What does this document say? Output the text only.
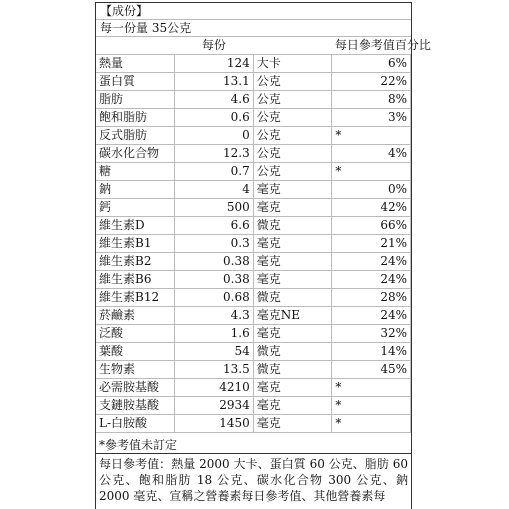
【成份】
每一份量 35公克
每份			每日參考值百分比
熱量	124	大卡	6%
蛋白質	13.1	公克	22%
脂肪	4.6	公克	8%
飽和脂肪	0.6	公克	3%
反式脂肪	0	公克	*
碳水化合物	12.3	公克	4%
糖	0.7	公克	*
鈉	4	毫克	0%
鈣	500	毫克	42%
維生素D	6.6	微克	66%
維生素B1	0.3	毫克	21%
維生素B2	0.38	毫克	24%
維生素B6	0.38	毫克	24%
維生素B12	0.68	微克	28%
菸鹼素	4.3	毫克NE	24%
泛酸	1.6	毫克	32%
葉酸	54	微克	14%
生物素	13.5	微克	45%
必需胺基酸	4210	毫克	*
支鏈胺基酸	2934	毫克	*
L-白胺酸	1450	毫克	*
*參考值未訂定
每日參考值：熱量 2000 大卡、蛋白質 60 公克、脂肪 60 公克、飽和脂肪 18 公克、碳水化合物 300 公克、鈉 2000 毫克、宣稱之營養素每日參考值、其他營養素每
